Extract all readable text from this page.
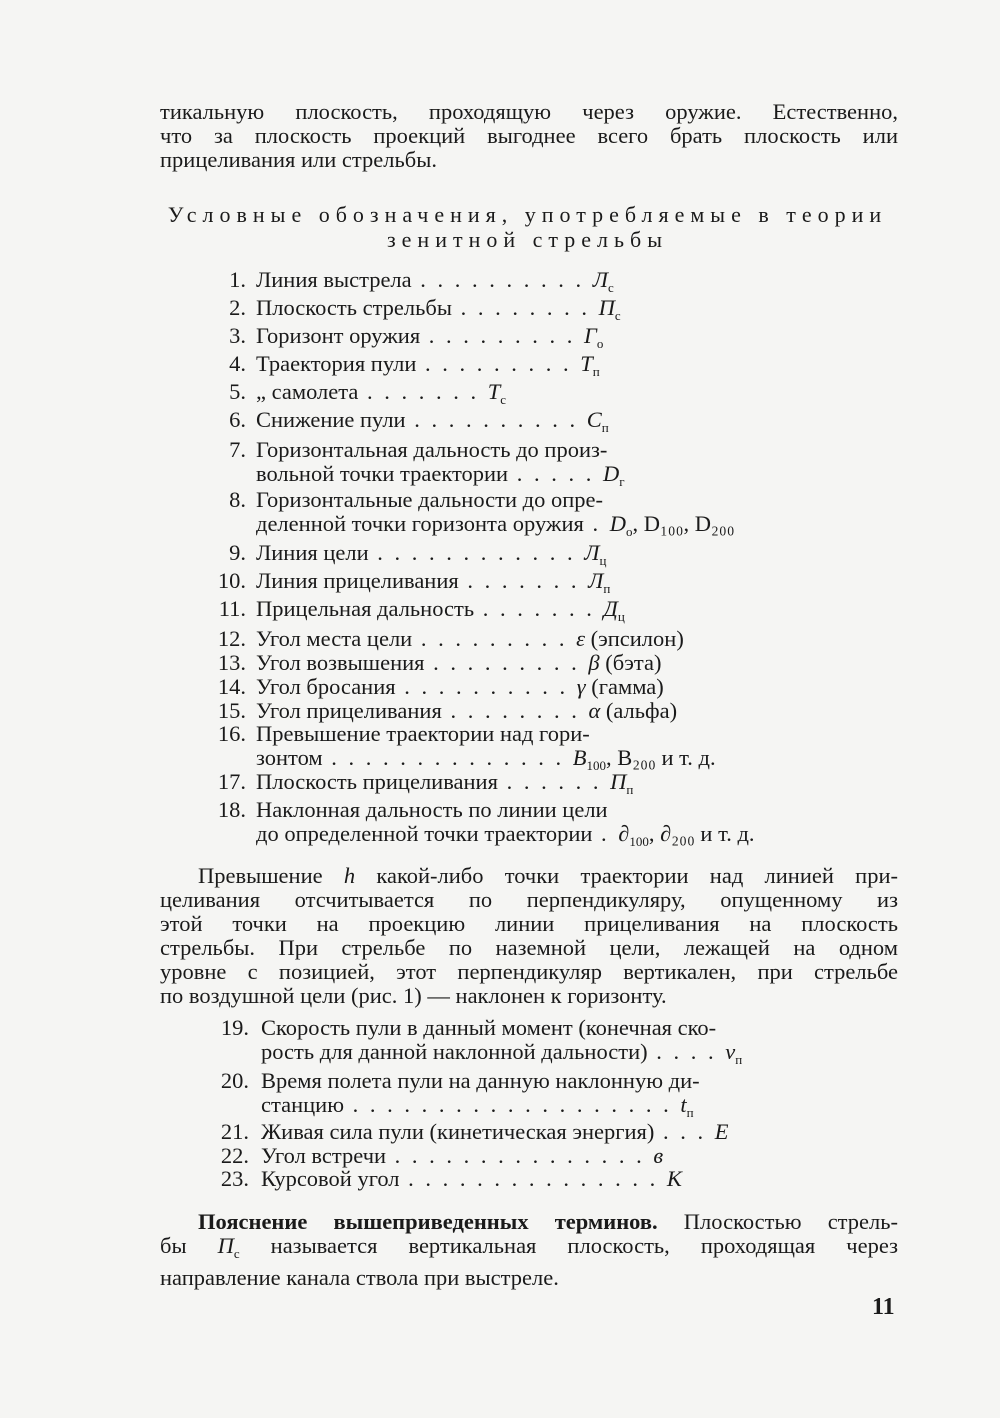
тикальную плоскость, проходящую через оружие. Естественно,
что за плоскость проекций выгоднее всего брать плоскость или
прицеливания или стрельбы.
Условные обозначения, употребляемые в теории
зенитной стрельбы
1. Линия выстрела . . . . . . . . . . $Л_с$
2. Плоскость стрельбы . . . . . . . . $П_с$
3. Горизонт оружия . . . . . . . . . $Г_о$
4. Траектория пули . . . . . . . . . $Т_п$
5. „ самолета . . . . . . . $Т_с$
6. Снижение пули . . . . . . . . . . $С_п$
7. Горизонтальная дальность до произ-
вольной точки траектории . . . . . $D_г$
8. Горизонтальные дальности до опре-
деленной точки горизонта оружия . $D_о$, D₁₀₀, D₂₀₀
9. Линия цели . . . . . . . . . . . . $Л_ц$
10. Линия прицеливания . . . . . . . $Л_п$
11. Прицельная дальность . . . . . . . $Д_ц$
12. Угол места цели . . . . . . . . . ε (эпсилон)
13. Угол возвышения . . . . . . . . . β (бэта)
14. Угол бросания . . . . . . . . . . γ (гамма)
15. Угол прицеливания . . . . . . . . α (альфа)
16. Превышение траектории над гори-
зонтом . . . . . . . . . . . . . . $В_{100}$, В₂₀₀ и т. д.
17. Плоскость прицеливания . . . . . . $П_п$
18. Наклонная дальность по линии цели
до определенной точки траектории . $\partial_{100}$, ∂₂₀₀ и т. д.
Превышение h какой-либо точки траектории над линией при-
целивания отсчитывается по перпендикуляру, опущенному из
этой точки на проекцию линии прицеливания на плоскость
стрельбы. При стрельбе по наземной цели, лежащей на одном
уровне с позицией, этот перпендикуляр вертикален, при стрельбе
по воздушной цели (рис. 1) — наклонен к горизонту.
19. Скорость пули в данный момент (конечная ско-
рость для данной наклонной дальности) . . . . $v_п$
20. Время полета пули на данную наклонную ди-
станцию . . . . . . . . . . . . . . . . . . . $t_п$
21. Живая сила пули (кинетическая энергия) . . . E
22. Угол встречи . . . . . . . . . . . . . . . в
23. Курсовой угол . . . . . . . . . . . . . . . К
Пояснение вышеприведенных терминов. Плоскостью стрель-
бы $П_с$ называется вертикальная плоскость, проходящая через
направление канала ствола при выстреле.
11
